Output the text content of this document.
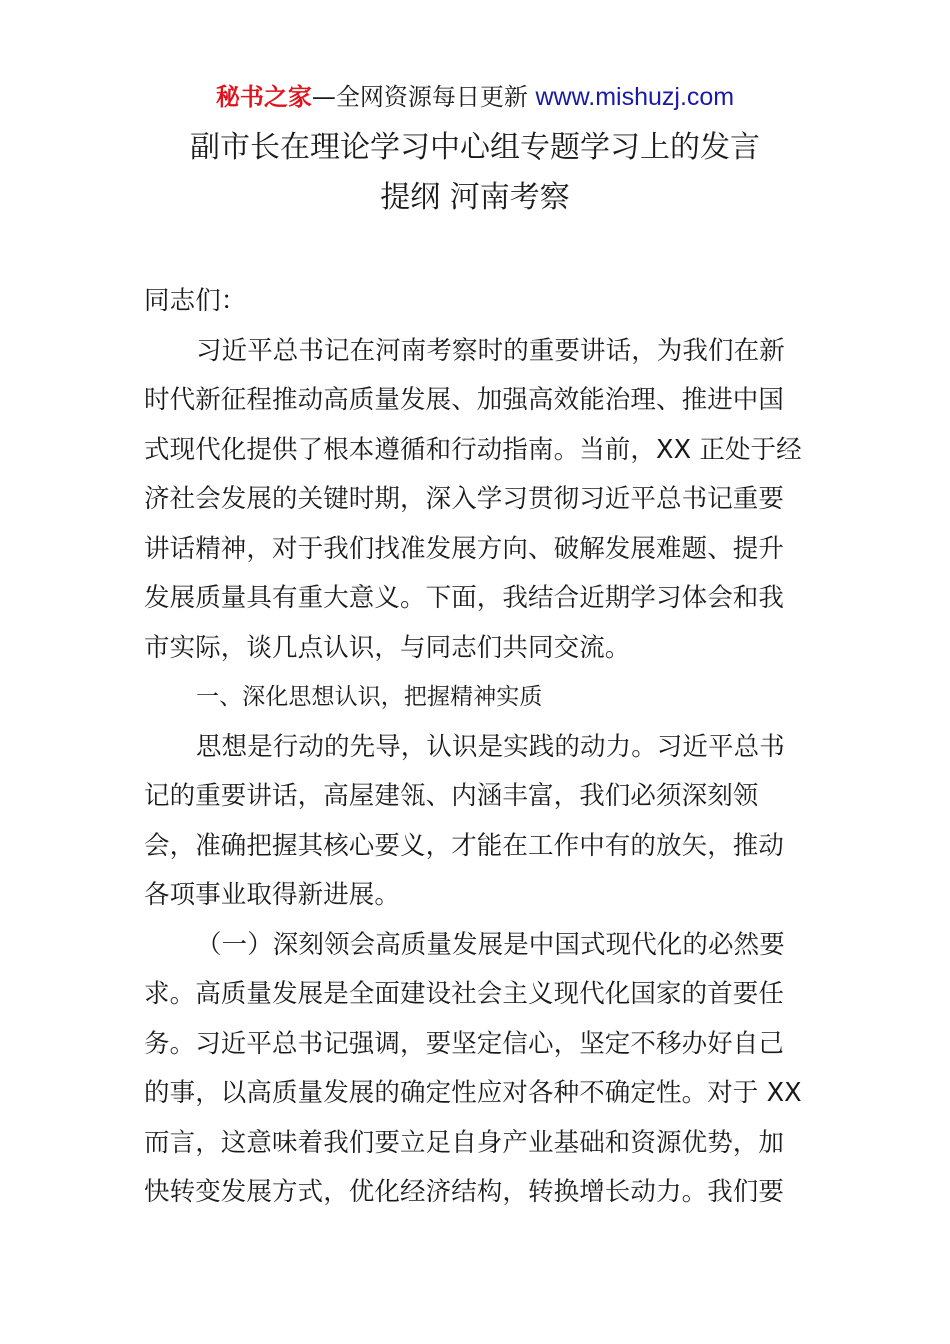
秘书之家—全网资源每日更新 www.mishuzj.com
副市长在理论学习中心组专题学习上的发言
提纲 河南考察
同志们：
习近平总书记在河南考察时的重要讲话，为我们在新
时代新征程推动高质量发展、加强高效能治理、推进中国
式现代化提供了根本遵循和行动指南。当前，XX 正处于经
济社会发展的关键时期，深入学习贯彻习近平总书记重要
讲话精神，对于我们找准发展方向、破解发展难题、提升
发展质量具有重大意义。下面，我结合近期学习体会和我
市实际，谈几点认识，与同志们共同交流。
一、深化思想认识，把握精神实质
思想是行动的先导，认识是实践的动力。习近平总书
记的重要讲话，高屋建瓴、内涵丰富，我们必须深刻领
会，准确把握其核心要义，才能在工作中有的放矢，推动
各项事业取得新进展。
（一）深刻领会高质量发展是中国式现代化的必然要
求。高质量发展是全面建设社会主义现代化国家的首要任
务。习近平总书记强调，要坚定信心，坚定不移办好自己
的事，以高质量发展的确定性应对各种不确定性。对于 XX
而言，这意味着我们要立足自身产业基础和资源优势，加
快转变发展方式，优化经济结构，转换增长动力。我们要
